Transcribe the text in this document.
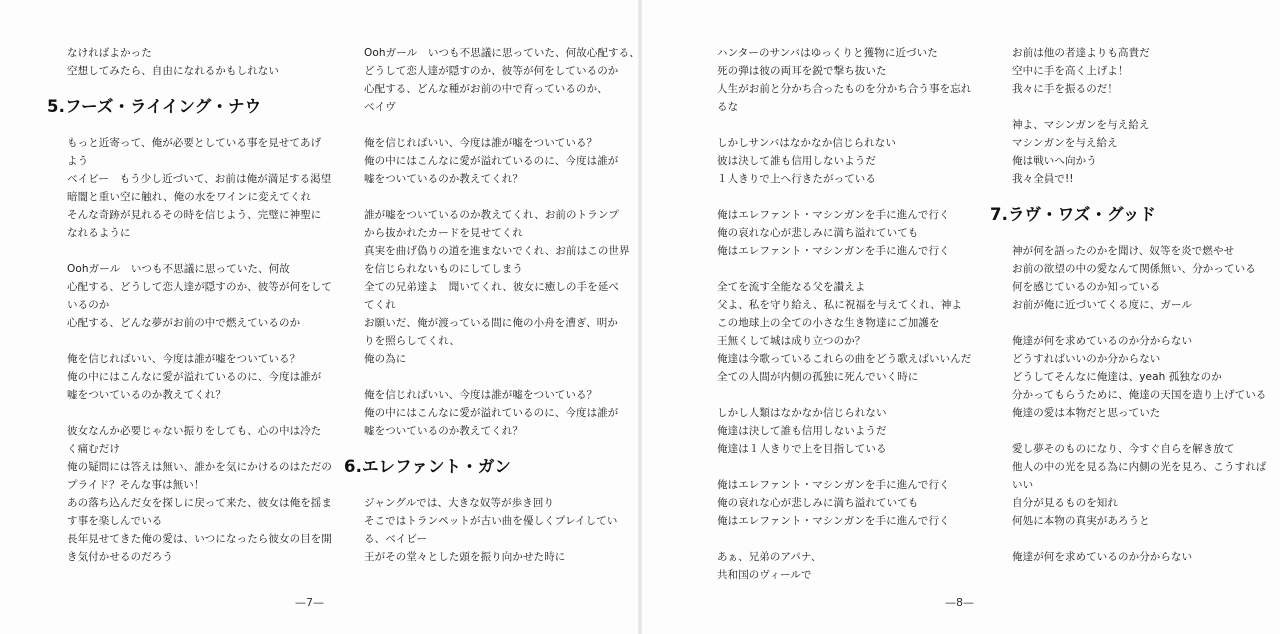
なければよかった
空想してみたら、自由になれるかもしれない
5.フーズ・ライイング・ナウ
もっと近寄って、俺が必要としている事を見せてあげ
よう
ベイビー　もう少し近づいて、お前は俺が満足する渇望
暗闇と重い空に触れ、俺の水をワインに変えてくれ
そんな奇跡が見れるその時を信じよう、完璧に神聖に
なれるように
Oohガール　いつも不思議に思っていた、何故
心配する、どうして恋人達が隠すのか、彼等が何をして
いるのか
心配する、どんな夢がお前の中で燃えているのか
俺を信じればいい、今度は誰が嘘をついている？
俺の中にはこんなに愛が溢れているのに、今度は誰が
嘘をついているのか教えてくれ？
彼女なんか必要じゃない振りをしても、心の中は冷た
く痛むだけ
俺の疑問には答えは無い、誰かを気にかけるのはただの
プライド？そんな事は無い！
あの落ち込んだ女を探しに戻って来た、彼女は俺を揺ま
す事を楽しんでいる
長年見せてきた俺の愛は、いつになったら彼女の目を開
き気付かせるのだろう
Oohガール　いつも不思議に思っていた、何故心配する、
どうして恋人達が隠すのか、彼等が何をしているのか
心配する、どんな種がお前の中で育っているのか、
ベイヴ
俺を信じればいい、今度は誰が嘘をついている？
俺の中にはこんなに愛が溢れているのに、今度は誰が
嘘をついているのか教えてくれ？
誰が嘘をついているのか教えてくれ、お前のトランプ
から抜かれたカードを見せてくれ
真実を曲げ偽りの道を進まないでくれ、お前はこの世界
を信じられないものにしてしまう
全ての兄弟達よ　聞いてくれ、彼女に癒しの手を延べ
てくれ
お願いだ、俺が渡っている間に俺の小舟を漕ぎ、明か
りを照らしてくれ、
俺の為に
俺を信じればいい、今度は誰が嘘をついている？
俺の中にはこんなに愛が溢れているのに、今度は誰が
嘘をついているのか教えてくれ？
6.エレファント・ガン
ジャングルでは、大きな奴等が歩き回り
そこではトランペットが古い曲を優しくプレイしてい
る、ベイビー
王がその堂々とした頭を振り向かせた時に
ハンターのサンバはゆっくりと獲物に近づいた
死の弾は彼の両耳を鋭で撃ち抜いた
人生がお前と分かち合ったものを分かち合う事を忘れ
るな
しかしサンバはなかなか信じられない
彼は決して誰も信用しないようだ
１人きりで上へ行きたがっている
俺はエレファント・マシンガンを手に進んで行く
俺の哀れな心が悲しみに満ち溢れていても
俺はエレファント・マシンガンを手に進んで行く
全てを流す全能なる父を讃えよ
父よ、私を守り給え、私に祝福を与えてくれ、神よ
この地球上の全ての小さな生き物達にご加護を
王無くして城は成り立つのか？
俺達は今歌っているこれらの曲をどう歌えばいいんだ
全ての人間が内側の孤独に死んでいく時に
しかし人類はなかなか信じられない
俺達は決して誰も信用しないようだ
俺達は１人きりで上を目指している
俺はエレファント・マシンガンを手に進んで行く
俺の哀れな心が悲しみに満ち溢れていても
俺はエレファント・マシンガンを手に進んで行く
あぁ、兄弟のアパナ、
共和国のヴィールで
お前は他の者達よりも高貴だ
空中に手を高く上げよ！
我々に手を振るのだ！
神よ、マシンガンを与え給え
マシンガンを与え給え
俺は戦いへ向かう
我々全員で!!
7.ラヴ・ワズ・グッド
神が何を語ったのかを聞け、奴等を炎で燃やせ
お前の欲望の中の愛なんて関係無い、分かっている
何を感じているのか知っている
お前が俺に近づいてくる度に、ガール
俺達が何を求めているのか分からない
どうすればいいのか分からない
どうしてそんなに俺達は、yeah 孤独なのか
分かってもらうために、俺達の天国を造り上げている
俺達の愛は本物だと思っていた
愛し夢そのものになり、今すぐ自らを解き放て
他人の中の光を見る為に内側の光を見ろ、こうすれば
いい
自分が見るものを知れ
何処に本物の真実があろうと
俺達が何を求めているのか分からない
—7—	—8—
